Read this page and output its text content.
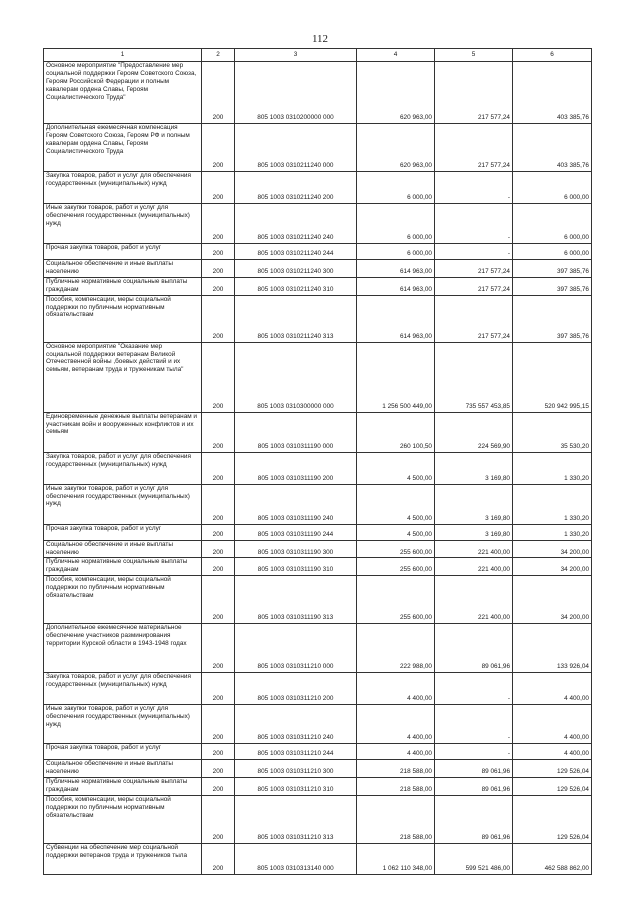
112
1	2	3	4	5	6
Основное мероприятие "Предоставление мер социальной поддержки Героям Советского Союза, Героям Российской Федерации и полным кавалерам ордена Славы, Героям Социалистического Труда"	200	805 1003 0310200000 000	620 963,00	217 577,24	403 385,76
Дополнительная ежемесячная компенсация Героям Советского Союза, Героям РФ и полным кавалерам ордена Славы, Героям Социалистического Труда	200	805 1003 0310211240 000	620 963,00	217 577,24	403 385,76
Закупка товаров, работ и услуг для обеспечения государственных (муниципальных) нужд	200	805 1003 0310211240 200	6 000,00	-	6 000,00
Иные закупки товаров, работ и услуг для обеспечения государственных (муниципальных) нужд	200	805 1003 0310211240 240	6 000,00	-	6 000,00
Прочая закупка товаров, работ и услуг	200	805 1003 0310211240 244	6 000,00	-	6 000,00
Социальное обеспечение и иные выплаты населению	200	805 1003 0310211240 300	614 963,00	217 577,24	397 385,76
Публичные нормативные социальные выплаты гражданам	200	805 1003 0310211240 310	614 963,00	217 577,24	397 385,76
Пособия, компенсации, меры социальной поддержки по публичным нормативным обязательствам	200	805 1003 0310211240 313	614 963,00	217 577,24	397 385,76
Основное мероприятие "Оказание мер социальной поддержки ветеранам Великой Отечественной войны ,боевых действий и их семьям, ветеранам труда и труженикам тыла"	200	805 1003 0310300000 000	1 256 500 449,00	735 557 453,85	520 942 995,15
Единовременные денежные выплаты ветеранам и участникам войн и вооруженных конфликтов и их семьям	200	805 1003 0310311190 000	260 100,50	224 569,90	35 530,20
Закупка товаров, работ и услуг для обеспечения государственных (муниципальных) нужд	200	805 1003 0310311190 200	4 500,00	3 169,80	1 330,20
Иные закупки товаров, работ и услуг для обеспечения государственных (муниципальных) нужд	200	805 1003 0310311190 240	4 500,00	3 169,80	1 330,20
Прочая закупка товаров, работ и услуг	200	805 1003 0310311190 244	4 500,00	3 169,80	1 330,20
Социальное обеспечение и иные выплаты населению	200	805 1003 0310311190 300	255 600,00	221 400,00	34 200,00
Публичные нормативные социальные выплаты гражданам	200	805 1003 0310311190 310	255 600,00	221 400,00	34 200,00
Пособия, компенсации, меры социальной поддержки по публичным нормативным обязательствам	200	805 1003 0310311190 313	255 600,00	221 400,00	34 200,00
Дополнительное ежемесячное материальное обеспечение участников разминирования территории Курской области в 1943-1948 годах	200	805 1003 0310311210 000	222 988,00	89 061,96	133 926,04
Закупка товаров, работ и услуг для обеспечения государственных (муниципальных) нужд	200	805 1003 0310311210 200	4 400,00	-	4 400,00
Иные закупки товаров, работ и услуг для обеспечения государственных (муниципальных) нужд	200	805 1003 0310311210 240	4 400,00	-	4 400,00
Прочая закупка товаров, работ и услуг	200	805 1003 0310311210 244	4 400,00	-	4 400,00
Социальное обеспечение и иные выплаты населению	200	805 1003 0310311210 300	218 588,00	89 061,96	129 526,04
Публичные нормативные социальные выплаты гражданам	200	805 1003 0310311210 310	218 588,00	89 061,96	129 526,04
Пособия, компенсации, меры социальной поддержки по публичным нормативным обязательствам	200	805 1003 0310311210 313	218 588,00	89 061,96	129 526,04
Субвенции на обеспечение мер социальной поддержки ветеранов труда и тружеников тыла	200	805 1003 0310313140 000	1 062 110 348,00	599 521 486,00	462 588 862,00
